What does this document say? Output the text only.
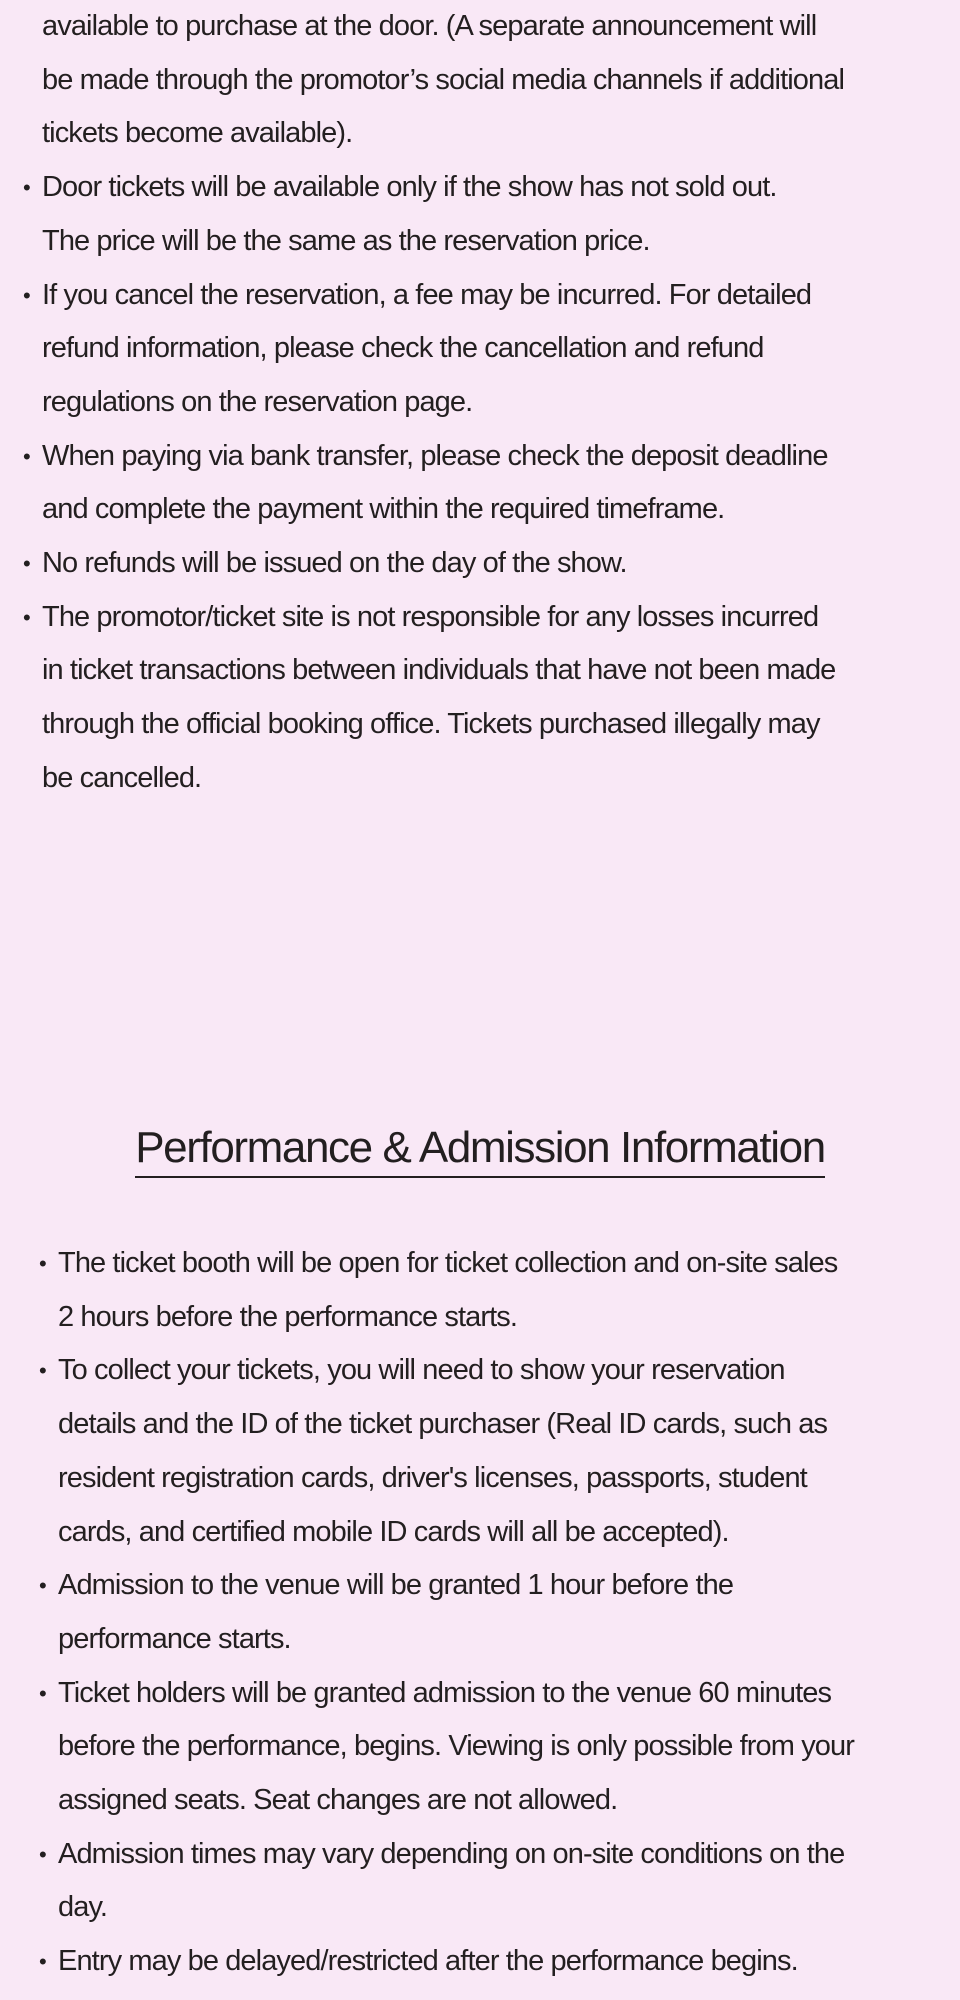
available to purchase at the door. (A separate announcement will
be made through the promotor’s social media channels if additional
tickets become available).
• Door tickets will be available only if the show has not sold out.
The price will be the same as the reservation price.
• If you cancel the reservation, a fee may be incurred. For detailed
refund information, please check the cancellation and refund
regulations on the reservation page.
• When paying via bank transfer, please check the deposit deadline
and complete the payment within the required timeframe.
• No refunds will be issued on the day of the show.
• The promotor/ticket site is not responsible for any losses incurred
in ticket transactions between individuals that have not been made
through the official booking office. Tickets purchased illegally may
be cancelled.
Performance & Admission Information
• The ticket booth will be open for ticket collection and on-site sales
2 hours before the performance starts.
• To collect your tickets, you will need to show your reservation
details and the ID of the ticket purchaser (Real ID cards, such as
resident registration cards, driver's licenses, passports, student
cards, and certified mobile ID cards will all be accepted).
• Admission to the venue will be granted 1 hour before the
performance starts.
• Ticket holders will be granted admission to the venue 60 minutes
before the performance, begins. Viewing is only possible from your
assigned seats. Seat changes are not allowed.
• Admission times may vary depending on on-site conditions on the
day.
• Entry may be delayed/restricted after the performance begins.
